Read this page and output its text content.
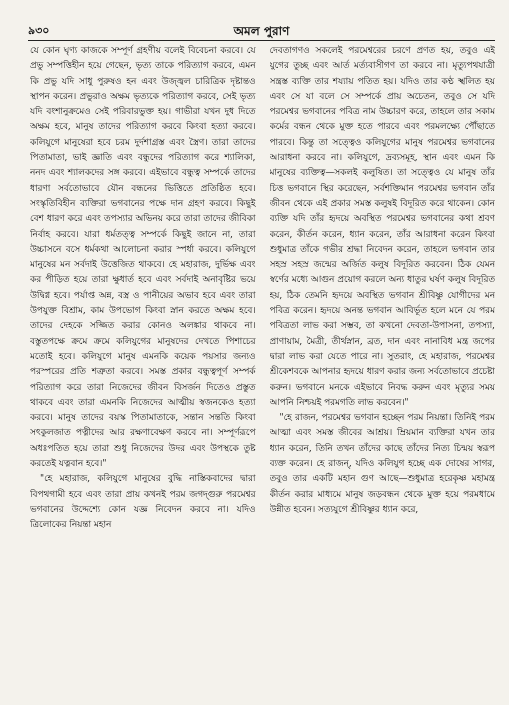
৯৩০	অমল পুরাণ

যে কোন ঘৃণ্য কাজকে সম্পূর্ণ গ্রহণীয় বলেই বিবেচনা করবে। যে প্রভু সম্পত্তিহীন হয়ে গেছেন, ভৃত্য তাকে পরিত্যাগ করবে, এমন কি প্রভু যদি সাধু পুরুষও হন এবং উজ্জ্বল চারিত্রিক দৃষ্টান্তও স্থাপন করেন। প্রভুরাও অক্ষম ভৃত্যকে পরিত্যাগ করবে, সেই ভৃত্য যদি বংশানুক্রমেও সেই পরিবারভুক্ত হয়। গাভীরা যখন দুধ দিতে অক্ষম হবে, মানুষ তাদের পরিত্যাগ করবে কিংবা হত্যা করবে। কলিযুগে মানুষেরা হবে চরম দুর্দশাগ্রস্ত এবং স্ত্রৈণ। তারা তাদের পিতামাতা, ভাই জ্ঞাতি এবং বন্ধুদের পরিত্যাগ করে শ্যালিকা, ননদ এবং শ্যালকদের সঙ্গ করবে। এইভাবে বন্ধুত্ব সম্পর্কে তাদের ধারণা সর্বতোভাবে যৌন বন্ধনের ভিত্তিতে প্রতিষ্ঠিত হবে। সংস্কৃতিবিহীন ব্যক্তিরা ভগবানের পক্ষে দান গ্রহণ করবে। কিছুই বেশ ধারণ করে এবং তপস্যার অভিনয় করে তারা তাদের জীবিকা নির্বাহ করবে। যারা ধর্মতত্ত্ব সম্পর্কে কিছুই জানে না, তারা উচ্চাসনে বসে ধর্মকথা আলোচনা করার স্পর্ধা করবে। কলিযুগে মানুষের মন সর্বদাই উত্তেজিত থাকবে। হে মহারাজ, দুর্ভিক্ষ এবং কর পীড়িত হয়ে তারা ক্ষুধার্ত হবে এবং সর্বদাই অনাবৃষ্টির ভয়ে উদ্বিগ্ন হবে। পর্যাপ্ত অন্ন, বস্ত্র ও পানীয়ের অভাব হবে এবং তারা উপযুক্ত বিশ্রাম, কাম উপভোগ কিংবা স্নান করতে অক্ষম হবে। তাদের দেহকে সজ্জিত করার কোনও অলঙ্কার থাকবে না। বস্তুতপক্ষে ক্রমে ক্রমে কলিযুগের মানুষদের দেখতে পিশাচের মতোই হবে। কলিযুগে মানুষ এমনকি কয়েক পয়সার জন্যও পরস্পরের প্রতি শত্রুতা করবে। সমস্ত প্রকার বন্ধুত্বপূর্ণ সম্পর্ক পরিত্যাগ করে তারা নিজেদের জীবন বিসর্জন দিতেও প্রস্তুত থাকবে এবং তারা এমনকি নিজেদের আত্মীয় স্বজনকেও হত্যা করবে। মানুষ তাদের বয়স্ক পিতামাতাকে, সন্তান সন্ততি কিংবা সৎকুলজাত পত্নীদের আর রক্ষণাবেক্ষণ করবে না। সম্পূর্ণরূপে অধঃপতিত হয়ে তারা শুধু নিজেদের উদর এবং উপস্থকে তুষ্ট করতেই যত্নবান হবে।"

"হে মহারাজ, কলিযুগে মানুষের বুদ্ধি নাস্তিকবাদের দ্বারা বিপথগামী হবে এবং তারা প্রায় কখনই পরম জগদ্গুরু পরমেশ্বর ভগবানের উদ্দেশ্যে কোন যজ্ঞ নিবেদন করবে না। যদিও ত্রিলোকের নিয়ন্তা মহান

দেবতাগণও সকলেই পরমেশ্বরের চরণে প্রণত হয়, তবুও এই যুগের তুচ্ছ এবং আর্ত মর্ত্যবাসীগণ তা করবে না। মৃত্যুপথযাত্রী সন্ত্রস্ত ব্যক্তি তার শয্যায় পতিত হয়। যদিও তার কণ্ঠ স্খলিত হয় এবং সে যা বলে সে সম্পর্কে প্রায় অচেতন, তবুও সে যদি পরমেশ্বর ভগবানের পবিত্র নাম উচ্চারণ করে, তাহলে তার সকাম কর্মের বন্ধন থেকে মুক্ত হতে পারবে এবং পরমলক্ষ্যে পৌঁছাতে পারবে। কিন্তু তা সত্ত্বেও কলিযুগের মানুষ পরমেশ্বর ভগবানের আরাধনা করবে না। কলিযুগে, দ্রব্যসমূহ, স্থান এবং এমন কি মানুষের ব্যক্তিত্ব—সকলই কলুষিত। তা সত্ত্বেও যে মানুষ তাঁর চিত্ত ভগবানে স্থির করেছেন, সর্বশক্তিমান পরমেশ্বর ভগবান তাঁর জীবন থেকে এই প্রকার সমস্ত কলুষই বিদূরিত করে থাকেন। কোন ব্যক্তি যদি তাঁর হৃদয়ে অবস্থিত পরমেশ্বর ভগবানের কথা শ্রবণ করেন, কীর্তন করেন, ধ্যান করেন, তাঁর আরাধনা করেন কিংবা শুধুমাত্র তাঁকে গভীর শ্রদ্ধা নিবেদন করেন, তাহলে ভগবান তার সহস্র সহস্র জন্মের অর্জিত কলুষ বিদূরিত করবেন। ঠিক যেমন স্বর্ণের মধ্যে আগুন প্রয়োগ করলে অন্য ধাতুর ঘর্ষণ কলুষ বিদূরিত হয়, ঠিক তেমনি হৃদয়ে অবস্থিত ভগবান শ্রীবিষ্ণু যোগীদের মন পবিত্র করেন। হৃদয়ে অনন্ত ভগবান আবির্ভূত হলে মনে যে পরম পবিত্রতা লাভ করা সম্ভব, তা কখনো দেবতা-উপাসনা, তপস্যা, প্রাণায়াম, মৈত্রী, তীর্থস্নান, ব্রত, দান এবং নানাবিধ মন্ত্র জপের দ্বারা লাভ করা যেতে পারে না। সুতরাং, হে মহারাজ, পরমেশ্বর শ্রীকেশবকে আপনার হৃদয়ে ধারণ করার জন্য সর্বতোভাবে প্রচেষ্টা করুন। ভগবানে মনকে এইভাবে নিবদ্ধ করুন এবং মৃত্যুর সময় আপনি নিশ্চয়ই পরমগতি লাভ করবেন।"

"হে রাজন, পরমেশ্বর ভগবান হচ্ছেন পরম নিয়ন্তা। তিনিই পরম আত্মা এবং সমস্ত জীবের আশ্রয়। ম্রিয়মান ব্যক্তিরা যখন তার ধ্যান করেন, তিনি তখন তাঁদের কাছে তাঁদের নিত্য চিন্ময় স্বরূপ ব্যক্ত করেন। হে রাজন্‌, যদিও কলিযুগ হচ্ছে এক দোষের সাগর, তবুও তার একটি মহান গুণ আছে—শুধুমাত্র হরেকৃষ্ণ মহামন্ত্র কীর্তন করার মাধ্যমে মানুষ জড়বন্ধন থেকে মুক্ত হয়ে পরমধামে উন্নীত হবেন। সত্যযুগে শ্রীবিষ্ণুর ধ্যান করে,
